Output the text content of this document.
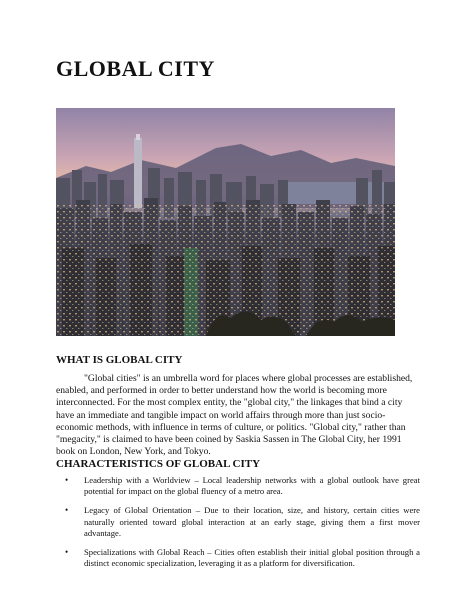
GLOBAL CITY
WHAT IS GLOBAL CITY

"Global cities" is an umbrella word for places where global processes are established, enabled, and performed in order to better understand how the world is becoming more interconnected. For the most complex entity, the "global city," the linkages that bind a city have an immediate and tangible impact on world affairs through more than just socio-economic methods, with influence in terms of culture, or politics. "Global city," rather than "megacity," is claimed to have been coined by Saskia Sassen in The Global City, her 1991 book on London, New York, and Tokyo.

CHARACTERISTICS OF GLOBAL CITY
• Leadership with a Worldview – Local leadership networks with a global outlook have great potential for impact on the global fluency of a metro area.
• Legacy of Global Orientation – Due to their location, size, and history, certain cities were naturally oriented toward global interaction at an early stage, giving them a first mover advantage.
• Specializations with Global Reach – Cities often establish their initial global position through a distinct economic specialization, leveraging it as a platform for diversification.
